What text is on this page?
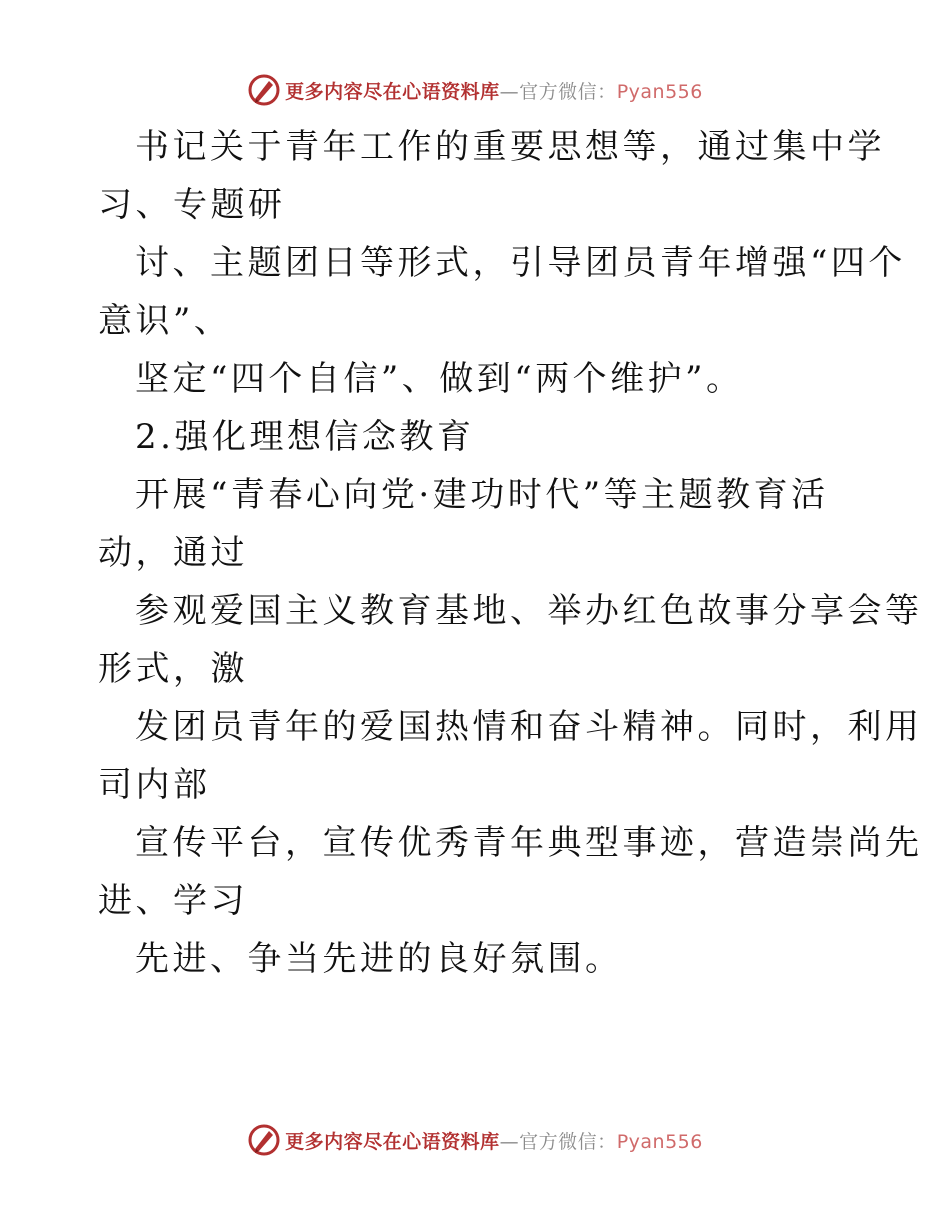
更多内容尽在心语资料库—官方微信：Pyan556
书记关于青年工作的重要思想等，通过集中学
习、专题研
讨、主题团日等形式，引导团员青年增强“四个
意识”、
坚定“四个自信”、做到“两个维护”。
2.强化理想信念教育
开展“青春心向党·建功时代”等主题教育活
动，通过
参观爱国主义教育基地、举办红色故事分享会等
形式，激
发团员青年的爱国热情和奋斗精神。同时，利用
司内部
宣传平台，宣传优秀青年典型事迹，营造崇尚先
进、学习
先进、争当先进的良好氛围。
更多内容尽在心语资料库—官方微信：Pyan556
